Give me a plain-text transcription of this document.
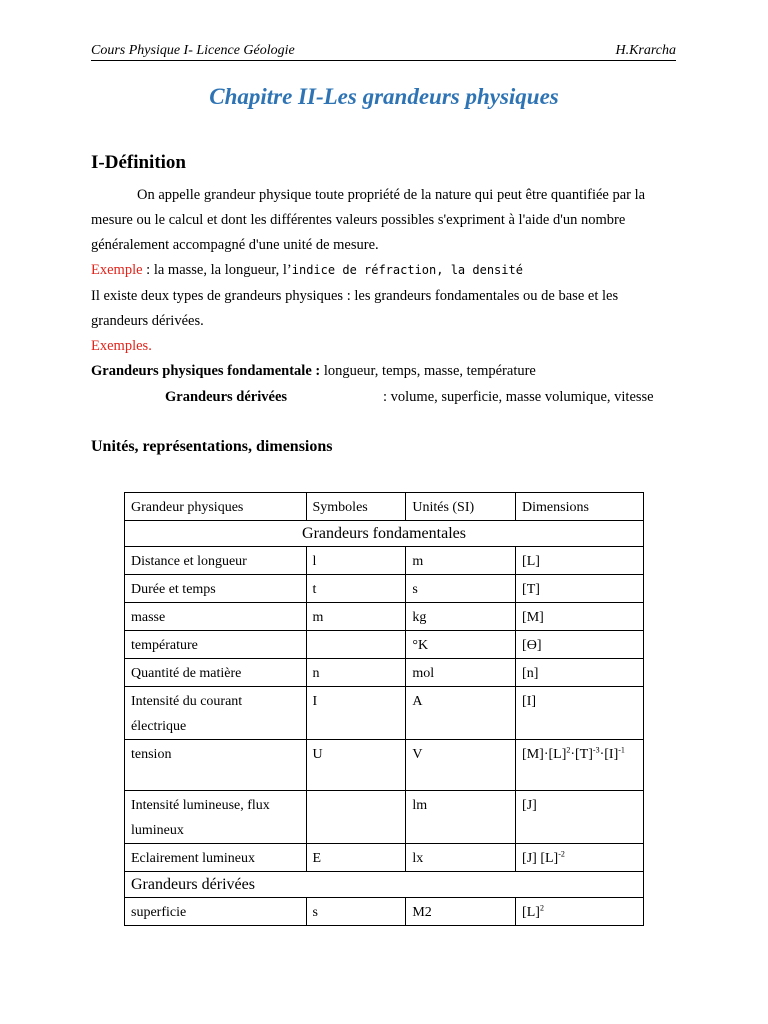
Cours Physique I- Licence Géologie	H.Krarcha
Chapitre II-Les grandeurs physiques
I-Définition
On appelle grandeur physique toute propriété de la nature qui peut être quantifiée par la mesure ou le calcul et dont les différentes valeurs possibles s'expriment à l'aide d'un nombre généralement accompagné d'une unité de mesure.
Exemple : la masse, la longueur, l’indice de réfraction, la densité
Il existe deux types de grandeurs physiques : les grandeurs fondamentales ou de base et les grandeurs dérivées.
Exemples.
Grandeurs physiques fondamentale : longueur, temps, masse, température
Grandeurs dérivées	: volume, superficie, masse volumique, vitesse
Unités, représentations, dimensions
Grandeur physiques	Symboles	Unités (SI)	Dimensions
Grandeurs fondamentales			
Distance et longueur	l	m	[L]
Durée et temps	t	s	[T]
masse	m	kg	[M]
température		°K	[ϴ]
Quantité de matière	n	mol	[n]
Intensité du courant électrique	I	A	[I]
tension	U	V	$[M]\cdot[L]^2\cdot[T]^{-3}\cdot[I]^{-1}$
Intensité lumineuse, flux lumineux		lm	[J]
Eclairement lumineux	E	lx	[J] $[L]^{-2}$
Grandeurs dérivées			
superficie	s	M2	$[L]^2$
